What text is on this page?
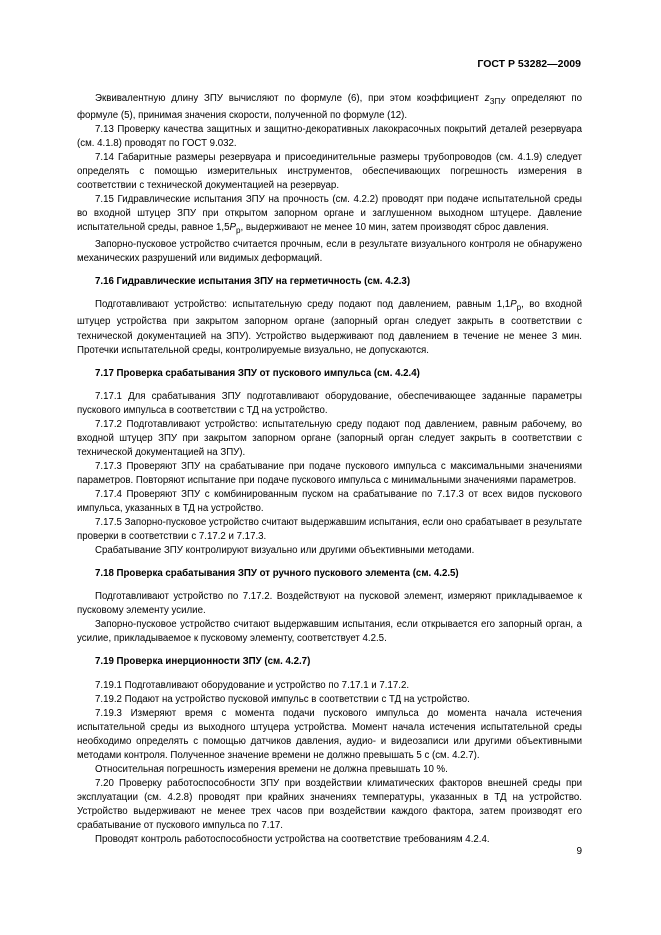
ГОСТ Р 53282—2009

Эквивалентную длину ЗПУ вычисляют по формуле (6), при этом коэффициент $z_{ЗПУ}$ определяют по формуле (5), принимая значения скорости, полученной по формуле (12).

7.13 Проверку качества защитных и защитно-декоративных лакокрасочных покрытий деталей резервуара (см. 4.1.8) проводят по ГОСТ 9.032.

7.14 Габаритные размеры резервуара и присоединительные размеры трубопроводов (см. 4.1.9) следует определять с помощью измерительных инструментов, обеспечивающих погрешность измерения в соответствии с технической документацией на резервуар.

7.15 Гидравлические испытания ЗПУ на прочность (см. 4.2.2) проводят при подаче испытательной среды во входной штуцер ЗПУ при открытом запорном органе и заглушенном выходном штуцере. Давление испытательной среды, равное $1,5P_р$, выдерживают не менее 10 мин, затем производят сброс давления.

Запорно-пусковое устройство считается прочным, если в результате визуального контроля не обнаружено механических разрушений или видимых деформаций.

7.16 Гидравлические испытания ЗПУ на герметичность (см. 4.2.3)

Подготавливают устройство: испытательную среду подают под давлением, равным $1,1P_р$, во входной штуцер устройства при закрытом запорном органе (запорный орган следует закрыть в соответствии с технической документацией на ЗПУ). Устройство выдерживают под давлением в течение не менее 3 мин. Протечки испытательной среды, контролируемые визуально, не допускаются.

7.17 Проверка срабатывания ЗПУ от пускового импульса (см. 4.2.4)

7.17.1 Для срабатывания ЗПУ подготавливают оборудование, обеспечивающее заданные параметры пускового импульса в соответствии с ТД на устройство.

7.17.2 Подготавливают устройство: испытательную среду подают под давлением, равным рабочему, во входной штуцер ЗПУ при закрытом запорном органе (запорный орган следует закрыть в соответствии с технической документацией на ЗПУ).

7.17.3 Проверяют ЗПУ на срабатывание при подаче пускового импульса с максимальными значениями параметров. Повторяют испытание при подаче пускового импульса с минимальными значениями параметров.

7.17.4 Проверяют ЗПУ с комбинированным пуском на срабатывание по 7.17.3 от всех видов пускового импульса, указанных в ТД на устройство.

7.17.5 Запорно-пусковое устройство считают выдержавшим испытания, если оно срабатывает в результате проверки в соответствии с 7.17.2 и 7.17.3.

Срабатывание ЗПУ контролируют визуально или другими объективными методами.

7.18 Проверка срабатывания ЗПУ от ручного пускового элемента (см. 4.2.5)

Подготавливают устройство по 7.17.2. Воздействуют на пусковой элемент, измеряют прикладываемое к пусковому элементу усилие.

Запорно-пусковое устройство считают выдержавшим испытания, если открывается его запорный орган, а усилие, прикладываемое к пусковому элементу, соответствует 4.2.5.

7.19 Проверка инерционности ЗПУ (см. 4.2.7)

7.19.1 Подготавливают оборудование и устройство по 7.17.1 и 7.17.2.

7.19.2 Подают на устройство пусковой импульс в соответствии с ТД на устройство.

7.19.3 Измеряют время с момента подачи пускового импульса до момента начала истечения испытательной среды из выходного штуцера устройства. Момент начала истечения испытательной среды необходимо определять с помощью датчиков давления, аудио- и видеозаписи или другими объективными методами контроля. Полученное значение времени не должно превышать 5 с (см. 4.2.7).

Относительная погрешность измерения времени не должна превышать 10 %.

7.20 Проверку работоспособности ЗПУ при воздействии климатических факторов внешней среды при эксплуатации (см. 4.2.8) проводят при крайних значениях температуры, указанных в ТД на устройство. Устройство выдерживают не менее трех часов при воздействии каждого фактора, затем производят его срабатывание от пускового импульса по 7.17.

Проводят контроль работоспособности устройства на соответствие требованиям 4.2.4.

9
